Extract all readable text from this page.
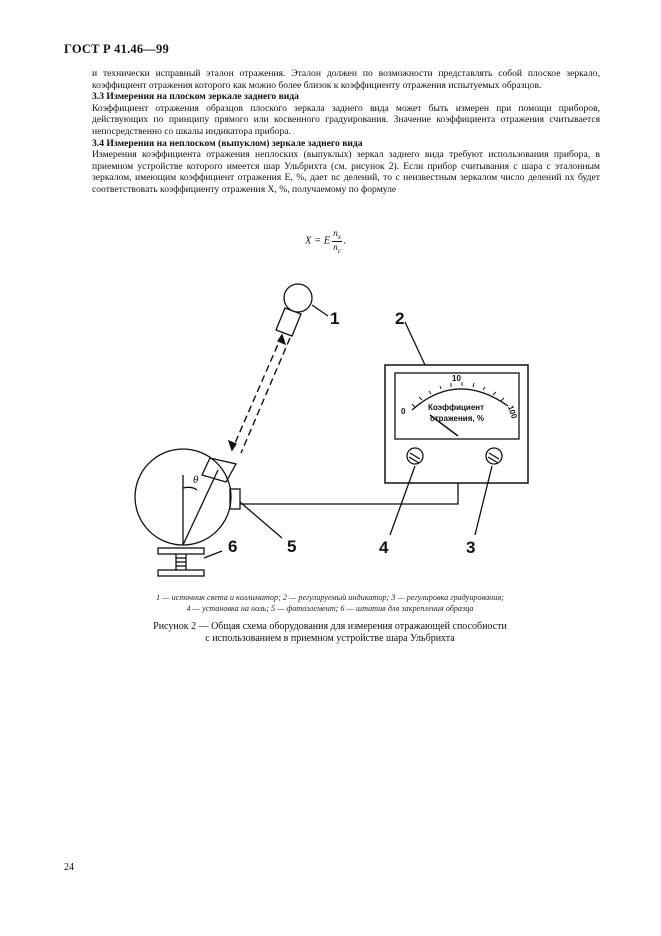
ГОСТ Р 41.46—99

и технически исправный эталон отражения. Эталон должен по возможности представлять собой плоское зеркало, коэффициент отражения которого как можно более близок к коэффициенту отражения испытуемых образцов.

3.3 Измерения на плоском зеркале заднего вида

Коэффициент отражения образцов плоского зеркала заднего вида может быть измерен при помощи приборов, действующих по принципу прямого или косвенного градуирования. Значение коэффициента отражения считывается непосредственно со шкалы индикатора прибора.

3.4 Измерения на неплоском (выпуклом) зеркале заднего вида

Измерения коэффициента отражения неплоских (выпуклых) зеркал заднего вида требуют использования прибора, в приемном устройстве которого имеется шар Ульбрихта (см. рисунок 2). Если прибор считывания с шара с эталонным зеркалом, имеющим коэффициент отражения E, %, дает nc делений, то с неизвестным зеркалом число делений nx будет соответствовать коэффициенту отражения X, %, получаемому по формуле

X = E $\frac{n_x}{n_c}$ .
1	2
3
4
5
6
θ
Коэффициент
отражения, %
0
10
100
1 — источник света и коллиматор; 2 — регулируемый индикатор; 3 — регулировка градуирования;
4 — установка на ноль; 5 — фотоэлемент; 6 — штатив для закрепления образца
Рисунок 2 — Общая схема оборудования для измерения отражающей способности
с использованием в приемном устройстве шара Ульбрихта
24
